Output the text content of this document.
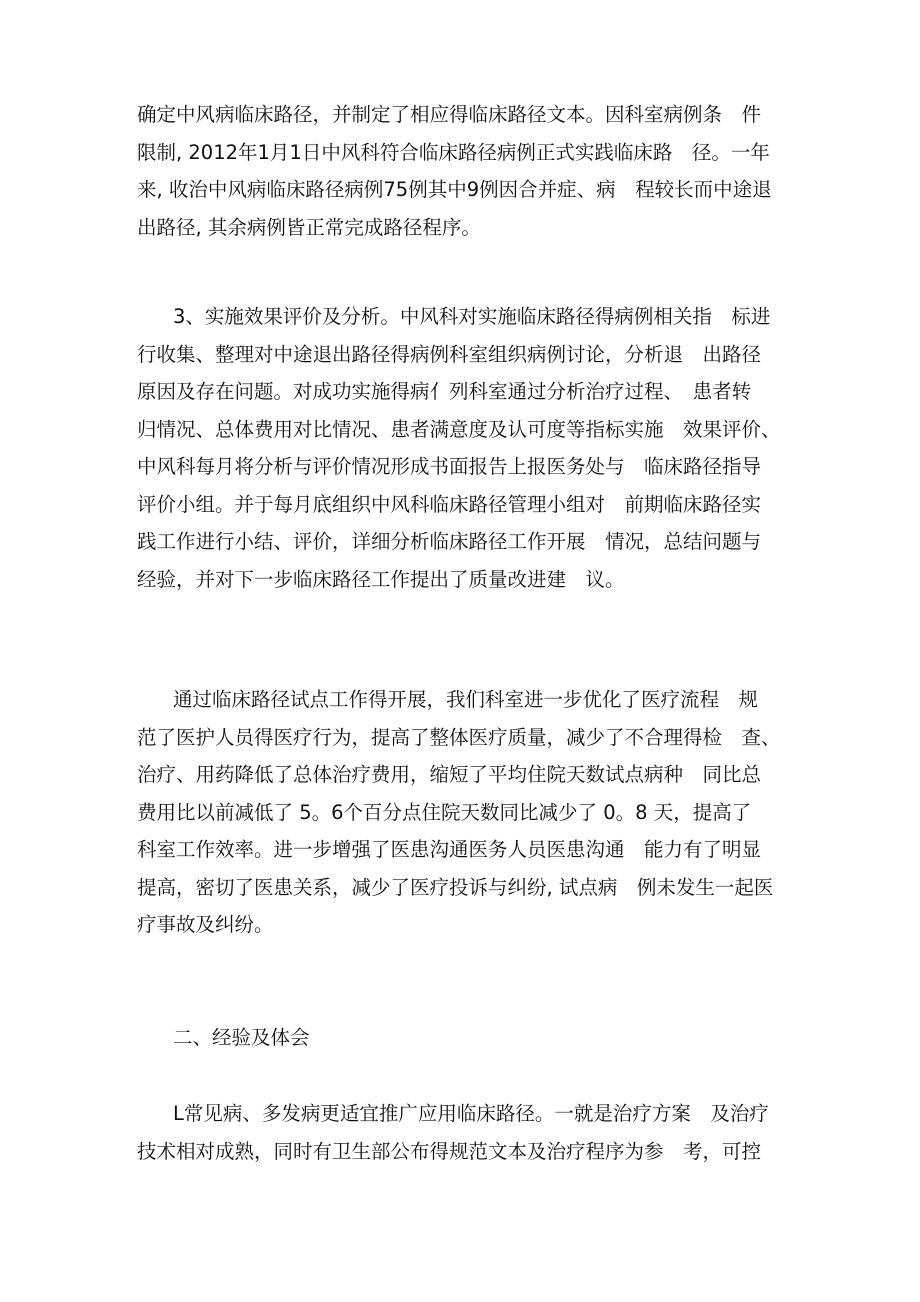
确定中风病临床路径，并制定了相应得临床路径文本。因科室病例条　件
限制, 2012年1月1日中风科符合临床路径病例正式实践临床路　径。一年
来, 收治中风病临床路径病例75例其中9例因合并症、病　程较长而中途退
出路径, 其余病例皆正常完成路径程序。
3、实施效果评价及分析。中风科对实施临床路径得病例相关指　标进
行收集、整理对中途退出路径得病例科室组织病例讨论，分析退　出路径
原因及存在问题。对成功实施得病亻列科室通过分析治疗过程、　患者转
归情况、总体费用对比情况、患者满意度及认可度等指标实施　效果评价、
中风科每月将分析与评价情况形成书面报告上报医务处与　临床路径指导
评价小组。并于每月底组织中风科临床路径管理小组对　前期临床路径实
践工作进行小结、评价，详细分析临床路径工作开展　情况，总结问题与
经验，并对下一步临床路径工作提出了质量改进建　议。
通过临床路径试点工作得开展，我们科室进一步优化了医疗流程　规
范了医护人员得医疗行为，提高了整体医疗质量，减少了不合理得检　查、
治疗、用药降低了总体治疗费用，缩短了平均住院天数试点病种　同比总
费用比以前减低了 5。6个百分点住院天数同比减少了 0。8 天，提高了
科室工作效率。进一步增强了医患沟通医务人员医患沟通　能力有了明显
提高，密切了医患关系，减少了医疗投诉与纠纷, 试点病　例未发生一起医
疗事故及纠纷。
二、经验及体会
L常见病、多发病更适宜推广应用临床路径。一就是治疗方案　及治疗
技术相对成熟，同时有卫生部公布得规范文本及治疗程序为参　考，可控
